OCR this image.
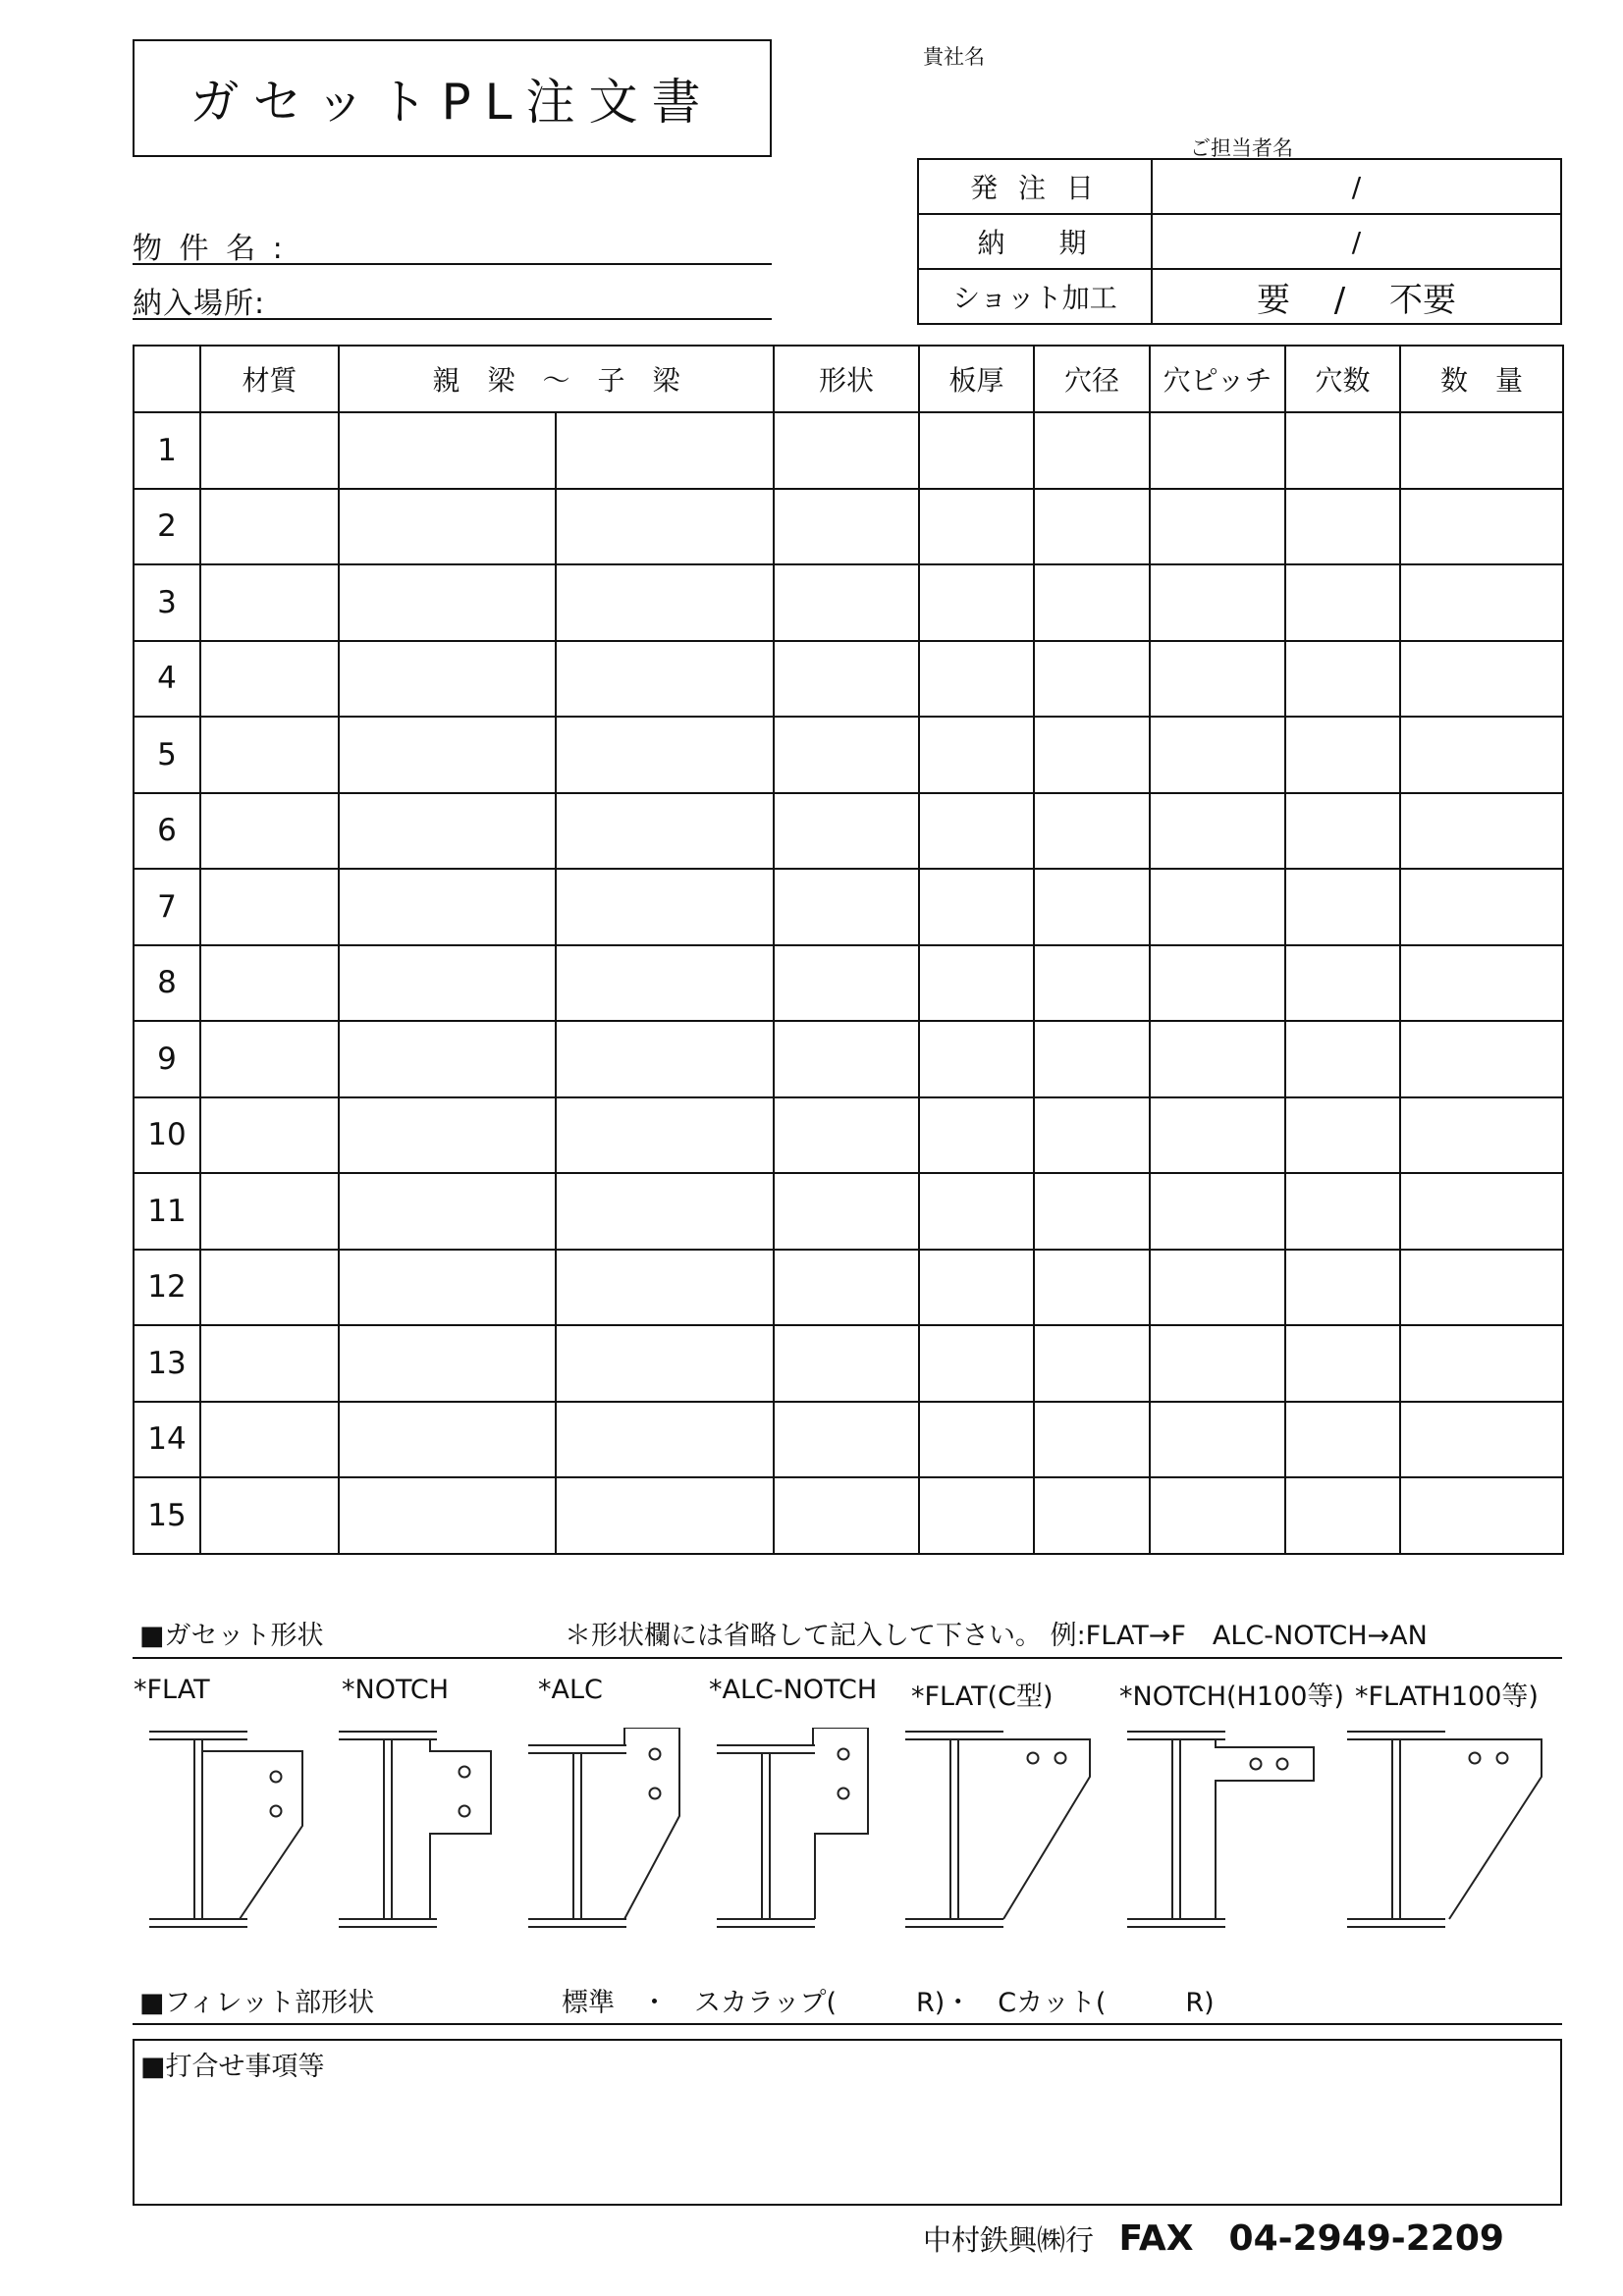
ガセットPL注文書
貴社名
ご担当者名
発 注 日	/
納　 期	/
ショット加工	要　 /　 不要
物 件 名 :
納入場所:
	材質	親　梁　～　子　梁		形状	板厚	穴径	穴ピッチ	穴数	数　量
1									
2									
3									
4									
5									
6									
7									
8									
9									
10									
11									
12									
13									
14									
15									
■ガセット形状	＊形状欄には省略して記入して下さい。 例:FLAT→F　ALC-NOTCH→AN
*FLAT	*NOTCH	*ALC	*ALC-NOTCH *FLAT(C型)	*NOTCH(H100等) *FLATH100等)
■フィレット部形状	標準　・　スカラップ(　　　R)・　Cカット(　　　R)
■打合せ事項等
中村鉄興㈱行 FAX　04-2949-2209
